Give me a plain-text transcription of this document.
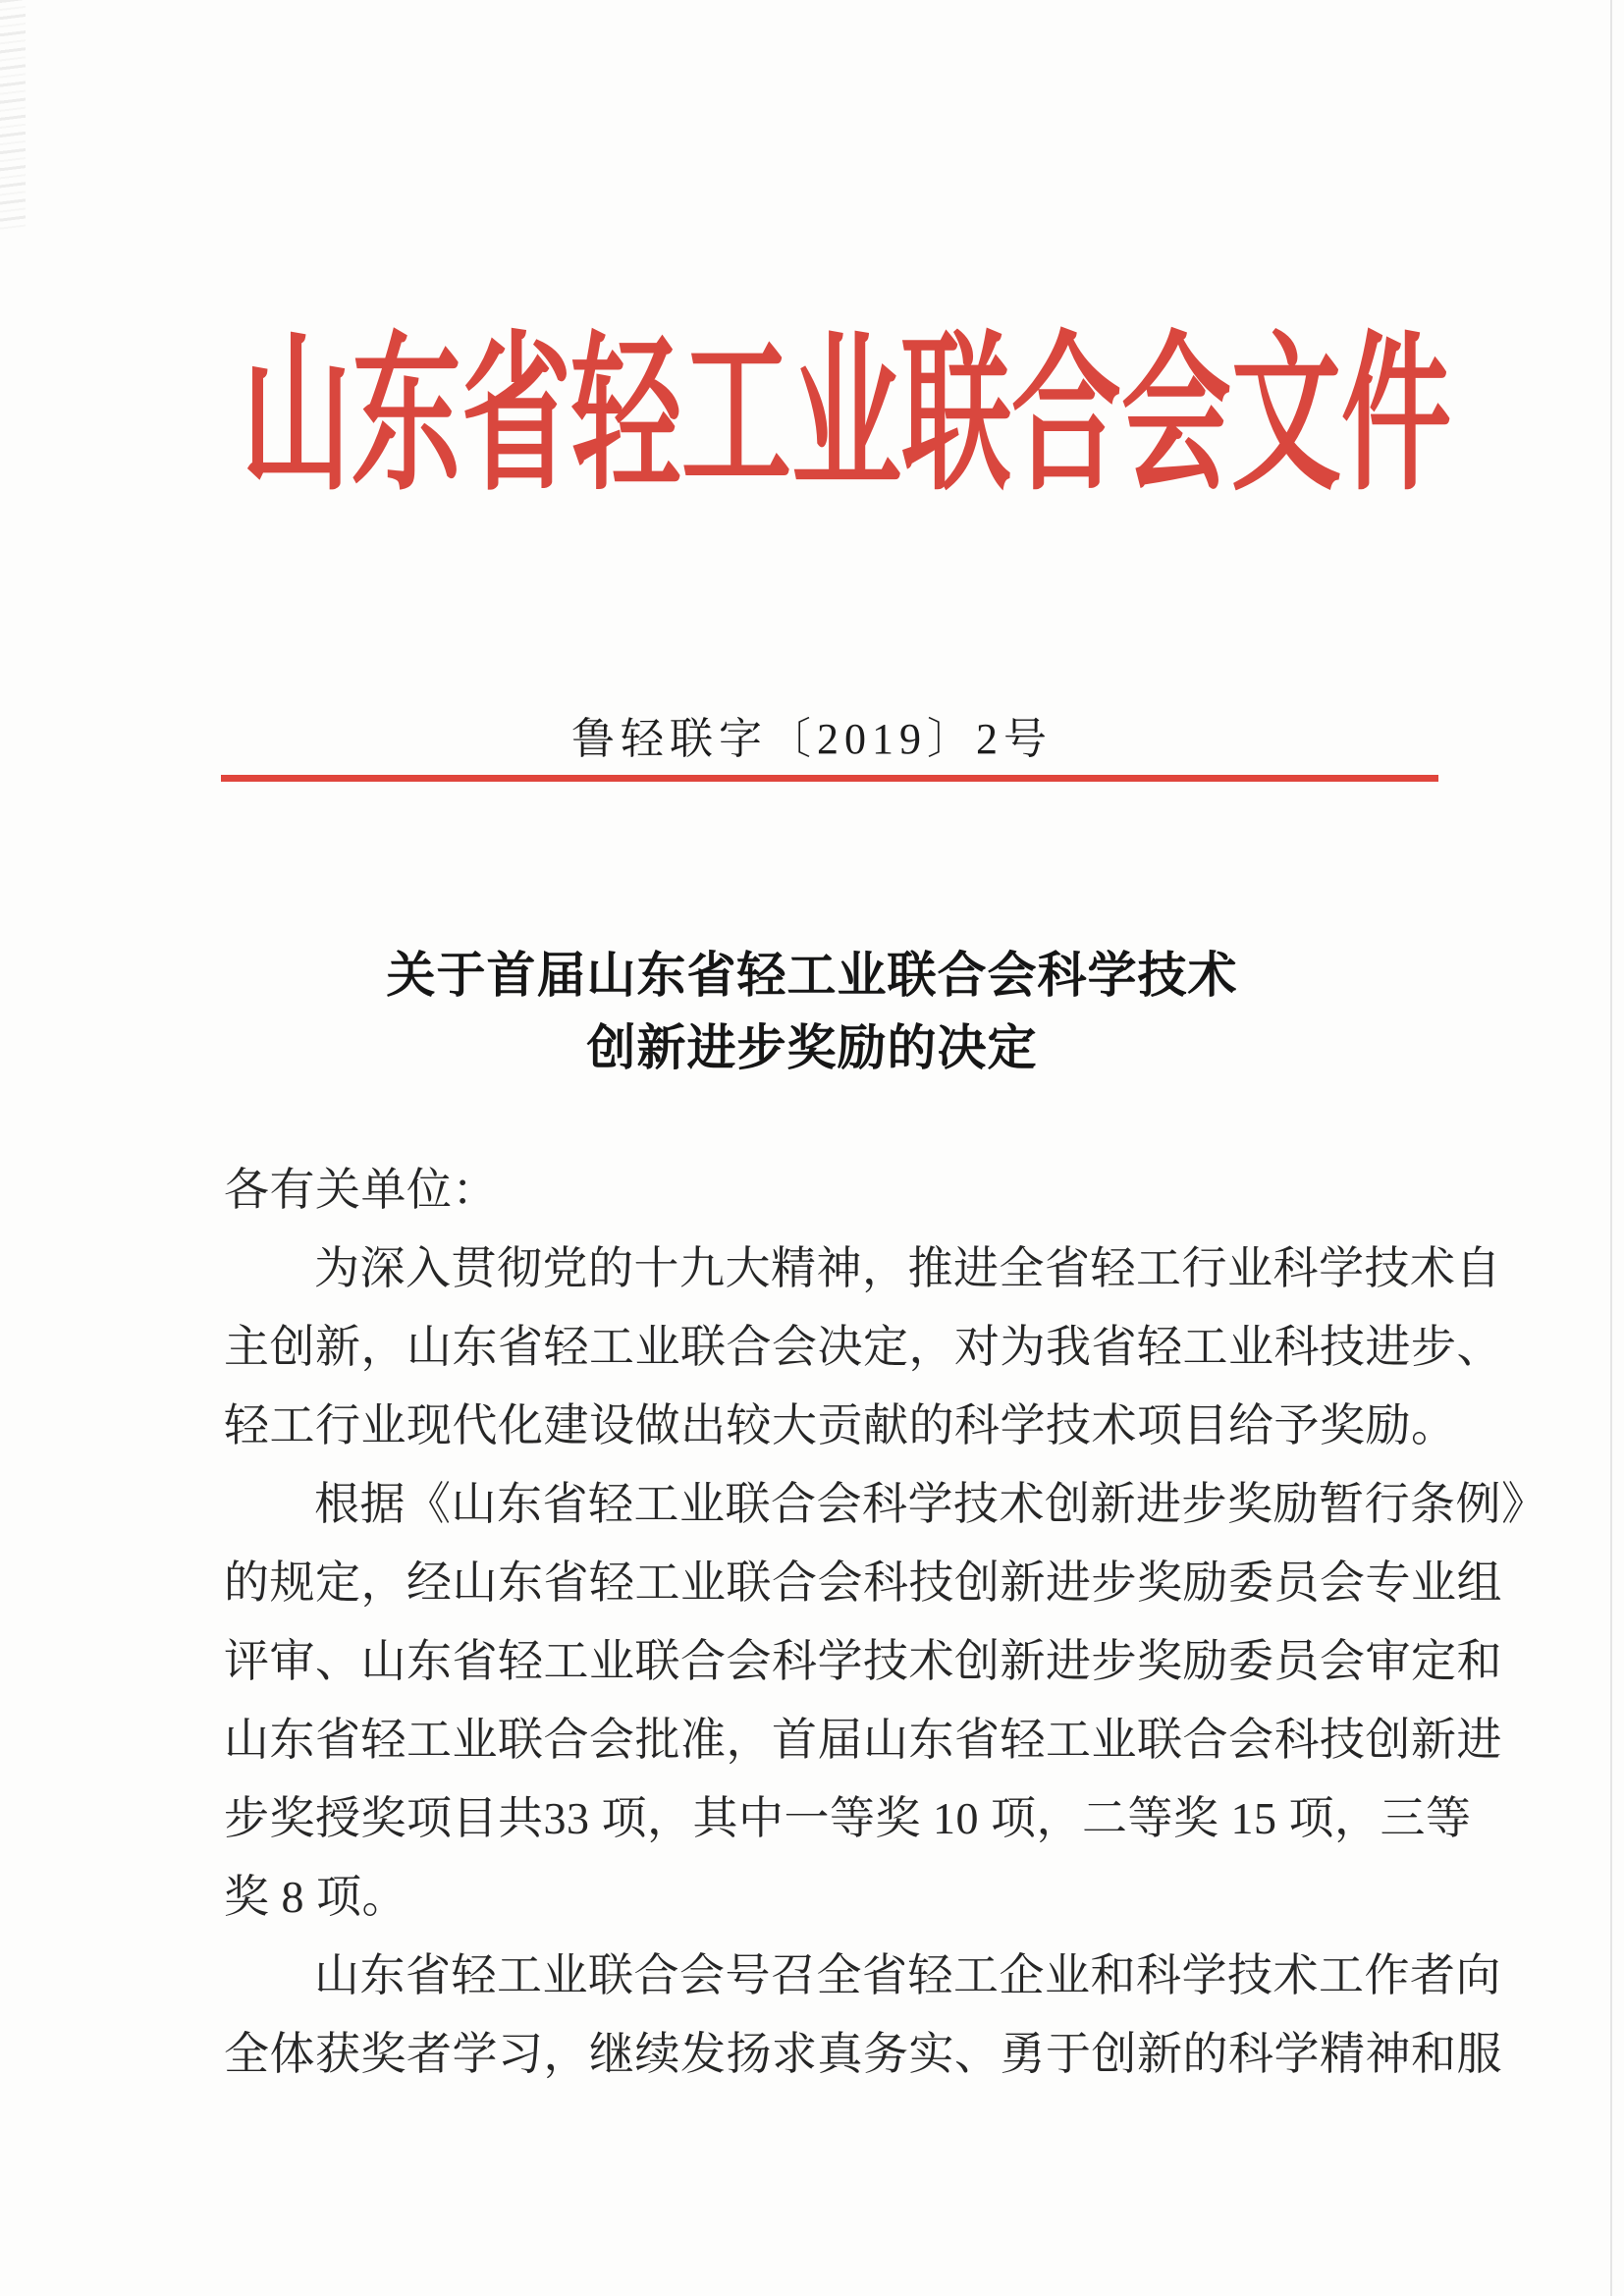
山东省轻工业联合会文件
鲁轻联字〔2019〕2号
关于首届山东省轻工业联合会科学技术
创新进步奖励的决定
各有关单位：
为深入贯彻党的十九大精神，推进全省轻工行业科学技术自
主创新，山东省轻工业联合会决定，对为我省轻工业科技进步、
轻工行业现代化建设做出较大贡献的科学技术项目给予奖励。
根据《山东省轻工业联合会科学技术创新进步奖励暂行条例》
的规定，经山东省轻工业联合会科技创新进步奖励委员会专业组
评审、山东省轻工业联合会科学技术创新进步奖励委员会审定和
山东省轻工业联合会批准，首届山东省轻工业联合会科技创新进
步奖授奖项目共33 项，其中一等奖 10 项，二等奖 15 项，三等
奖 8 项。
山东省轻工业联合会号召全省轻工企业和科学技术工作者向
全体获奖者学习，继续发扬求真务实、勇于创新的科学精神和服
